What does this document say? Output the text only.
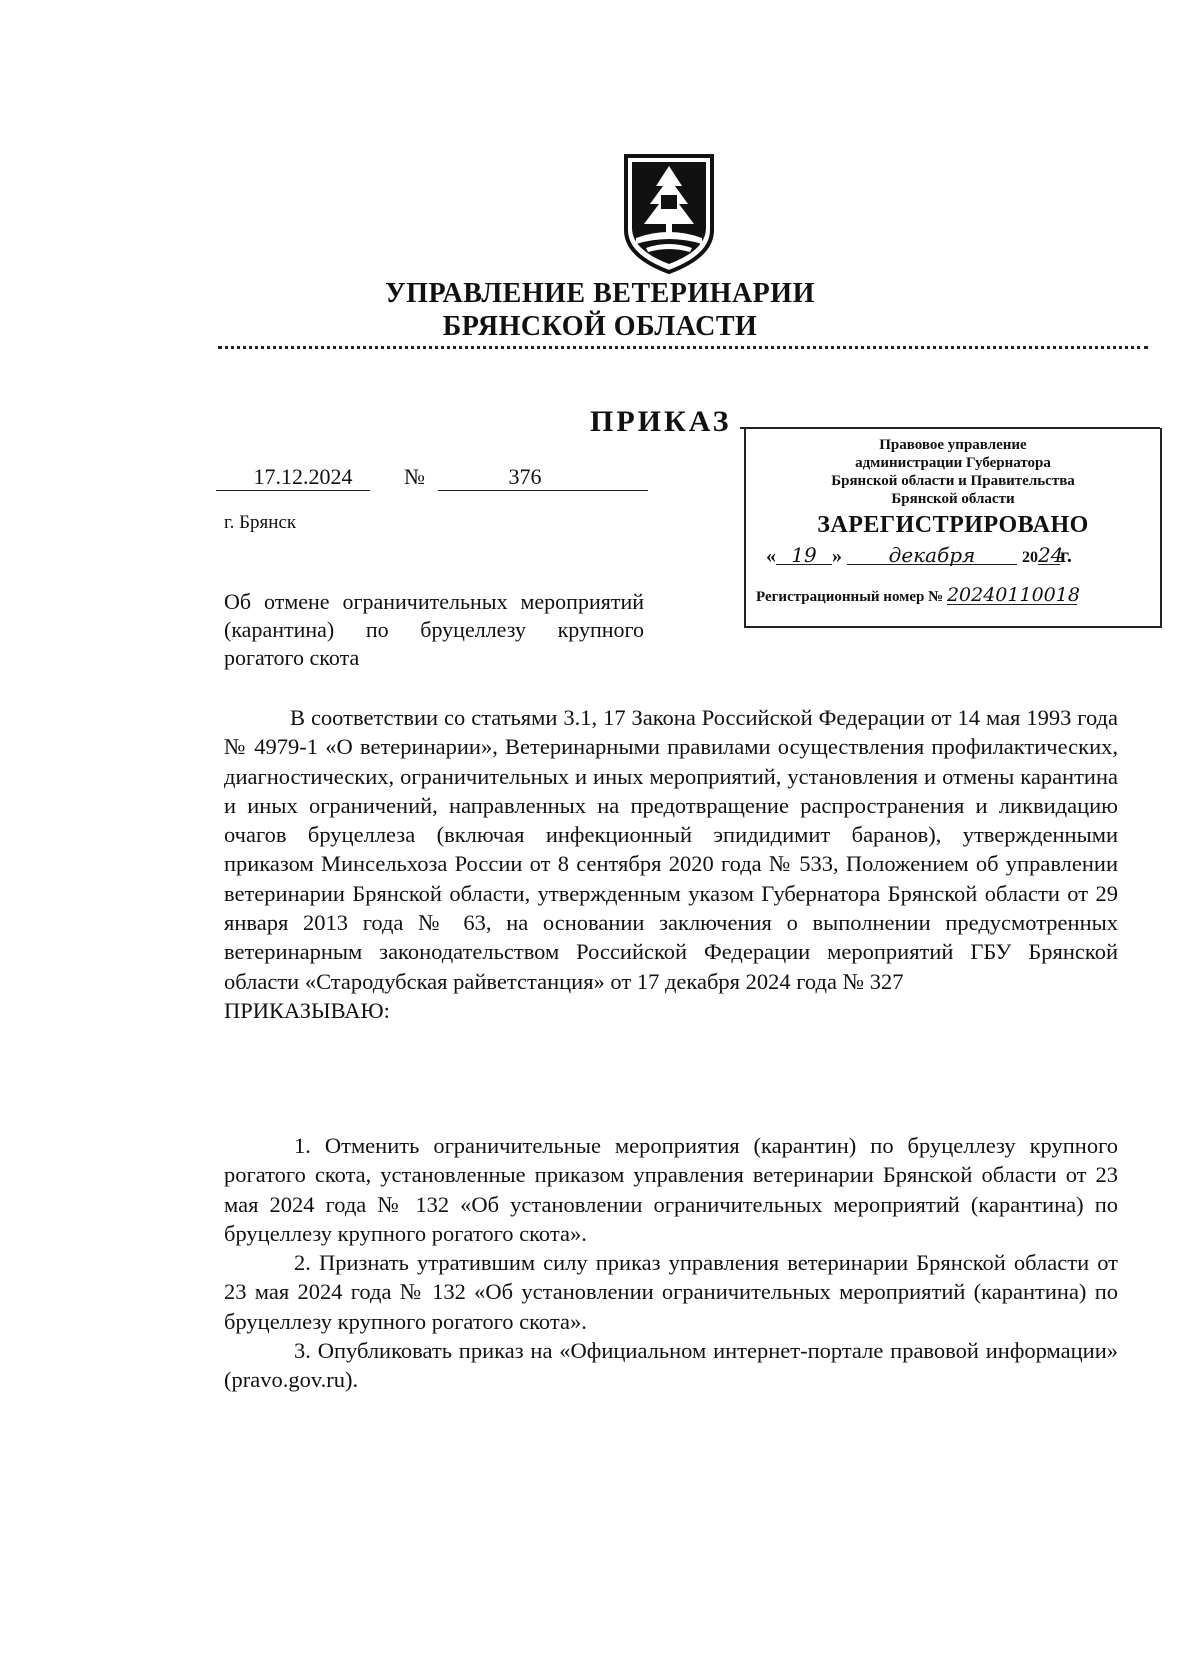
УПРАВЛЕНИЕ ВЕТЕРИНАРИИ
БРЯНСКОЙ ОБЛАСТИ
ПРИКАЗ
Правовое управление
администрации Губернатора
Брянской области и Правительства
Брянской области
ЗАРЕГИСТРИРОВАНО
« 19 » декабря	2024г.
Регистрационный номер № 20240110018
17.12.2024	№	376
г. Брянск
Об отмене ограничительных мероприятий (карантина) по бруцеллезу крупного рогатого скота
В соответствии со статьями 3.1, 17 Закона Российской Федерации от 14 мая 1993 года № 4979-1 «О ветеринарии», Ветеринарными правилами осуществления профилактических, диагностических, ограничительных и иных мероприятий, установления и отмены карантина и иных ограничений, направленных на предотвращение распространения и ликвидацию очагов бруцеллеза (включая инфекционный эпидидимит баранов), утвержденными приказом Минсельхоза России от 8 сентября 2020 года № 533, Положением об управлении ветеринарии Брянской области, утвержденным указом Губернатора Брянской области от 29 января 2013 года № 63, на основании заключения о выполнении предусмотренных ветеринарным законодательством Российской Федерации мероприятий ГБУ Брянской области «Стародубская райветстанция» от 17 декабря 2024 года № 327
ПРИКАЗЫВАЮ:
1. Отменить ограничительные мероприятия (карантин) по бруцеллезу крупного рогатого скота, установленные приказом управления ветеринарии Брянской области от 23 мая 2024 года № 132 «Об установлении ограничительных мероприятий (карантина) по бруцеллезу крупного рогатого скота».
2. Признать утратившим силу приказ управления ветеринарии Брянской области от 23 мая 2024 года № 132 «Об установлении ограничительных мероприятий (карантина) по бруцеллезу крупного рогатого скота».
3. Опубликовать приказ на «Официальном интернет-портале правовой информации» (pravo.gov.ru).
